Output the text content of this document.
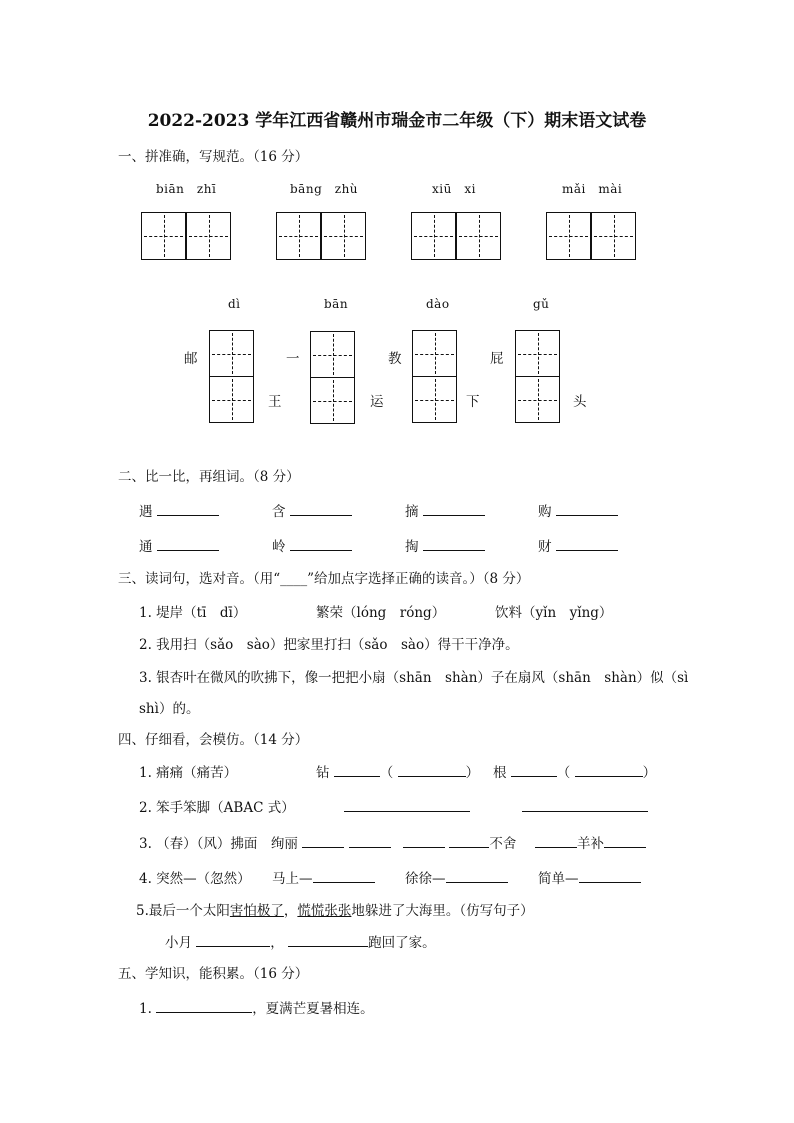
2022-2023 学年江西省赣州市瑞金市二年级（下）期末语文试卷
一、拼准确，写规范。（16 分）
biān　zhī	bāng　zhù	xiū　xi	mǎi　mài
dì	bān	dào	gǔ
邮	一	教	屁
王	运	下	头
二、比一比，再组词。（8 分）
遇	含	摘	购
通	岭	掏	财
三、读词句，选对音。（用“____”给加点字选择正确的读音。）（8 分）
1. 堤岸（tī　dī）	繁荣（lóng　róng）	饮料（yǐn　yǐng）
2. 我用扫（sǎo　sào）把家里打扫（sǎo　sào）得干干净净。
3. 银杏叶在微风的吹拂下，像一把把小扇（shān　shàn）子在扇风（shān　shàn）似（sì
shì）的。
四、仔细看，会模仿。（14 分）
1. 痛痛（痛苦）	钻	（	） 根	（	）
2. 笨手笨脚（ABAC 式）
3. （春）（风）拂面　绚丽	不舍	羊补
4. 突然—（忽然） 马上—	徐徐—	简单—
5.最后一个太阳害怕极了，慌慌张张地躲进了大海里。（仿写句子）
小月	，	跑回了家。
五、学知识，能积累。（16 分）
1.	，夏满芒夏暑相连。
